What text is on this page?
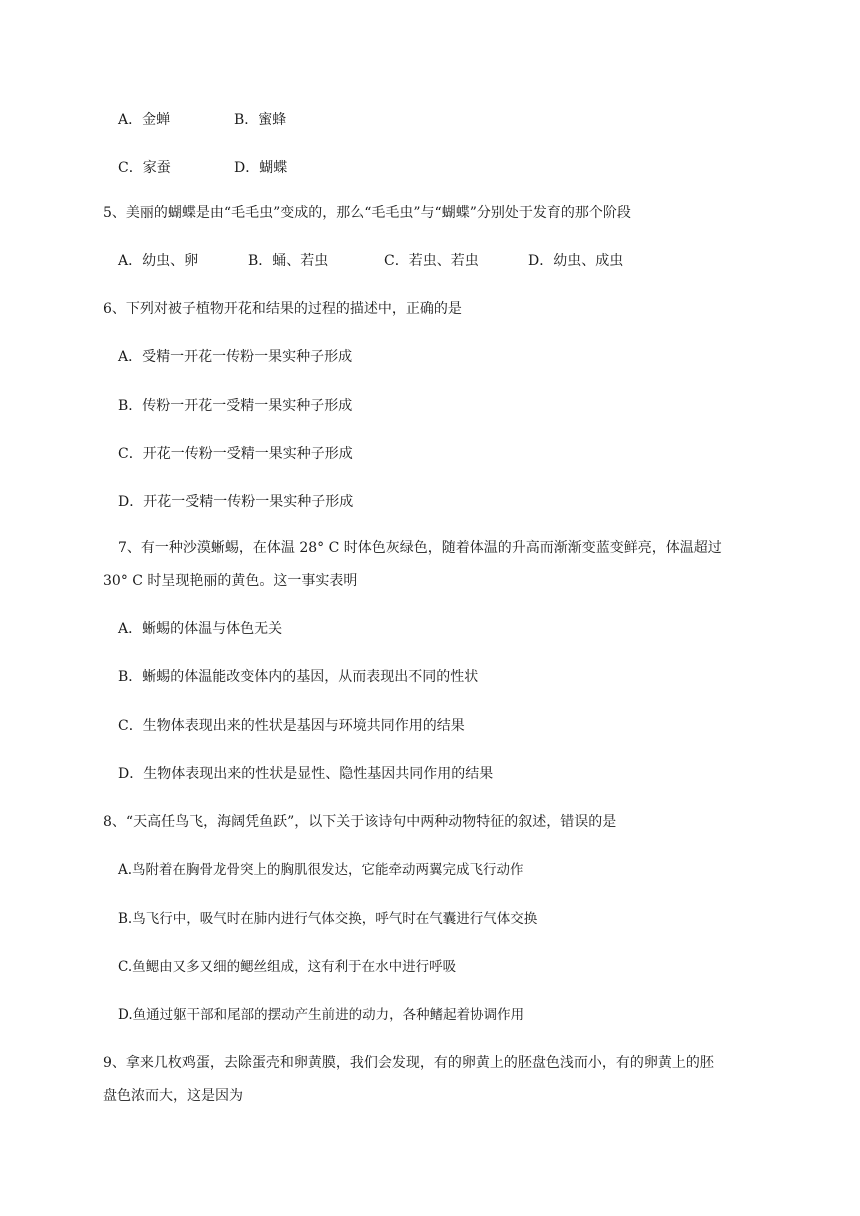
A．金蝉	B．蜜蜂
C．家蚕	D．蝴蝶
5、美丽的蝴蝶是由“毛毛虫”变成的，那么“毛毛虫”与“蝴蝶”分别处于发育的那个阶段
A．幼虫、卵	B．蛹、若虫	C．若虫、若虫	D．幼虫、成虫
6、下列对被子植物开花和结果的过程的描述中，正确的是
A．受精一开花一传粉一果实种子形成
B．传粉一开花一受精一果实种子形成
C．开花一传粉一受精一果实种子形成
D．开花一受精一传粉一果实种子形成
7、有一种沙漠蜥蜴，在体温 28° C 时体色灰绿色，随着体温的升高而渐渐变蓝变鲜亮，体温超过
30° C 时呈现艳丽的黄色。这一事实表明
A．蜥蜴的体温与体色无关
B．蜥蜴的体温能改变体内的基因，从而表现出不同的性状
C．生物体表现出来的性状是基因与环境共同作用的结果
D．生物体表现出来的性状是显性、隐性基因共同作用的结果
8、“天高任鸟飞，海阔凭鱼跃”，以下关于该诗句中两种动物特征的叙述，错误的是
A.鸟附着在胸骨龙骨突上的胸肌很发达，它能牵动两翼完成飞行动作
B.鸟飞行中，吸气时在肺内进行气体交换，呼气时在气囊进行气体交换
C.鱼鳃由又多又细的鳃丝组成，这有利于在水中进行呼吸
D.鱼通过躯干部和尾部的摆动产生前进的动力，各种鳍起着协调作用
9、拿来几枚鸡蛋，去除蛋壳和卵黄膜，我们会发现，有的卵黄上的胚盘色浅而小，有的卵黄上的胚
盘色浓而大，这是因为
